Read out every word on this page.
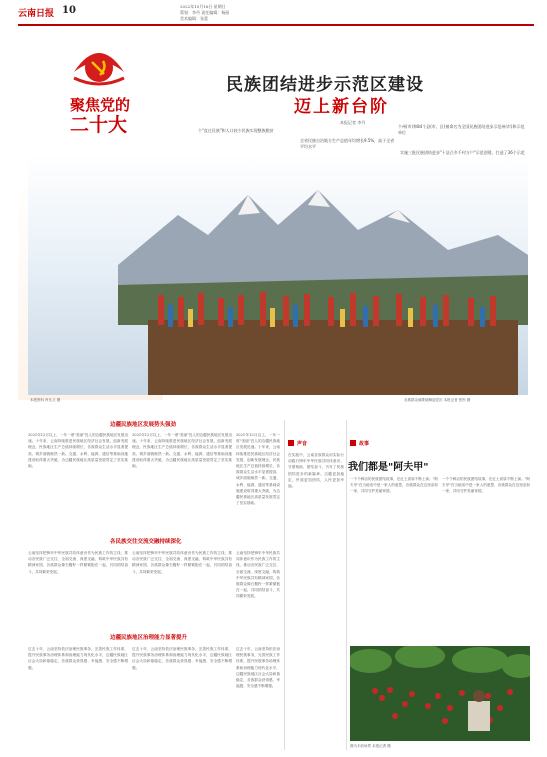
云南日报 10	2022年10月16日 星期日
策划：李丹 责任编辑：杨丽
美术编辑：张蕾
聚焦党的
二十大
民族团结进步示范区建设
迈上新台阶
本报记者 李丹
个"直过民族"和人口较少民族实现整族脱贫
全省民族自治地方生产总值年均增长9.5%，高于全省平均水平
个州(市)和84个县(市、区)被命名为全国民族团结进步示范州(市)和示范单位
实施三批民族团结进步"十县百乡千村万户"示范创建，打造了36个示范
本报资料 肖丛文 摄	各族群众载歌载舞迎党庆 本报记者 张彤 摄
边疆民族地区发展势头强劲
2021年12月以上，一年一度"美丽"宜人的边疆民族地区发展迅速。十年来，云南持续推进民族地区经济社会发展，创新发展理念，民族地区生产总值持续增长，各族群众生活水平显著提高，城乡面貌焕然一新。交通、水利、能源、通信等基础设施建设取得重大突破，为边疆民族地区高质量发展奠定了坚实基础。
2021年12月以上，一年一度"美丽"宜人的边疆民族地区发展迅速。十年来，云南持续推进民族地区经济社会发展，创新发展理念，民族地区生产总值持续增长，各族群众生活水平显著提高，城乡面貌焕然一新。交通、水利、能源、通信等基础设施建设取得重大突破，为边疆民族地区高质量发展奠定了坚实基础。
2021年12月以上，一年一度"美丽"宜人的边疆民族地区发展迅速。十年来，云南持续推进民族地区经济社会发展，创新发展理念，民族地区生产总值持续增长，各族群众生活水平显著提高，城乡面貌焕然一新。交通、水利、能源、通信等基础设施建设取得重大突破，为边疆民族地区高质量发展奠定了坚实基础。
各民族交往交流交融持续深化
云南坚持把铸牢中华民族共同体意识作为民族工作的主线，推动各民族广泛交往、全面交流、深度交融，构筑中华民族共有精神家园，各族群众像石榴籽一样紧紧抱在一起，共同团结奋斗，共同繁荣发展。
云南坚持把铸牢中华民族共同体意识作为民族工作的主线，推动各民族广泛交往、全面交流、深度交融，构筑中华民族共有精神家园，各族群众像石榴籽一样紧紧抱在一起，共同团结奋斗，共同繁荣发展。
云南坚持把铸牢中华民族共同体意识作为民族工作的主线，推动各民族广泛交往、全面交流、深度交融，构筑中华民族共有精神家园，各族群众像石榴籽一样紧紧抱在一起，共同团结奋斗，共同繁荣发展。
边疆民族地区治理能力显著提升
过去十年，云南坚持依法治理民族事务，完善民族工作体系，提升民族事务治理体系和治理能力现代化水平，边疆民族地区社会大局和谐稳定，各族群众获得感、幸福感、安全感不断增强。
过去十年，云南坚持依法治理民族事务，完善民族工作体系，提升民族事务治理体系和治理能力现代化水平，边疆民族地区社会大局和谐稳定，各族群众获得感、幸福感、安全感不断增强。
过去十年，云南坚持依法治理民族事务，完善民族工作体系，提升民族事务治理体系和治理能力现代化水平，边疆民族地区社会大局和谐稳定，各族群众获得感、幸福感、安全感不断增强。
声音
在实践中，云南各族群众用实际行动践行铸牢中华民族共同体意识，守望相助，团结奋斗，书写了民族团结进步的新篇章。边疆更加稳定，民族更加团结，人民更加幸福。
故事
我们都是"阿夫甲"
一个个鲜活的民族团结故事，在红土高原不断上演。"阿夫甲"在当地话中是一家人的意思，各族群众在这里亲如一家，共同守护美丽家园。
一个个鲜活的民族团结故事，在红土高原不断上演。"阿夫甲"在当地话中是一家人的意思，各族群众在这里亲如一家，共同守护美丽家园。
图为丰收场景 本报记者 摄
